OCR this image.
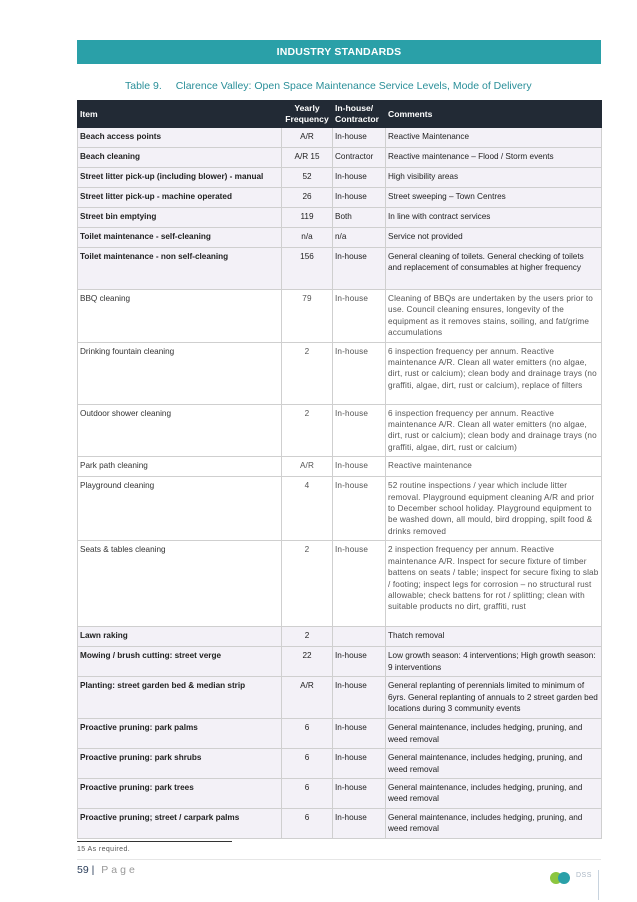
INDUSTRY STANDARDS
Table 9. Clarence Valley: Open Space Maintenance Service Levels, Mode of Delivery
Item	Yearly Frequency	In-house/ Contractor	Comments
Beach access points	A/R	In-house	Reactive Maintenance
Beach cleaning	A/R 15	Contractor	Reactive maintenance – Flood / Storm events
Street litter pick-up (including blower) - manual	52	In-house	High visibility areas
Street litter pick-up - machine operated	26	In-house	Street sweeping – Town Centres
Street bin emptying	119	Both	In line with contract services
Toilet maintenance - self-cleaning	n/a	n/a	Service not provided
Toilet maintenance - non self-cleaning	156	In-house	General cleaning of toilets. General checking of toilets and replacement of consumables at higher frequency
BBQ cleaning	79	In-house	Cleaning of BBQs are undertaken by the users prior to use. Council cleaning ensures, longevity of the equipment as it removes stains, soiling, and fat/grime accumulations
Drinking fountain cleaning	2	In-house	6 inspection frequency per annum. Reactive maintenance A/R. Clean all water emitters (no algae, dirt, rust or calcium); clean body and drainage trays (no graffiti, algae, dirt, rust or calcium), replace of filters
Outdoor shower cleaning	2	In-house	6 inspection frequency per annum. Reactive maintenance A/R. Clean all water emitters (no algae, dirt, rust or calcium); clean body and drainage trays (no graffiti, algae, dirt, rust or calcium)
Park path cleaning	A/R	In-house	Reactive maintenance
Playground cleaning	4	In-house	52 routine inspections / year which include litter removal. Playground equipment cleaning A/R and prior to December school holiday. Playground equipment to be washed down, all mould, bird dropping, spilt food & drinks removed
Seats & tables cleaning	2	In-house	2 inspection frequency per annum. Reactive maintenance A/R. Inspect for secure fixture of timber battens on seats / table; inspect for secure fixing to slab / footing; inspect legs for corrosion – no structural rust allowable; check battens for rot / splitting; clean with suitable products no dirt, graffiti, rust
Lawn raking	2		Thatch removal
Mowing / brush cutting: street verge	22	In-house	Low growth season: 4 interventions; High growth season: 9 interventions
Planting: street garden bed & median strip	A/R	In-house	General replanting of perennials limited to minimum of 6yrs. General replanting of annuals to 2 street garden bed locations during 3 community events
Proactive pruning: park palms	6	In-house	General maintenance, includes hedging, pruning, and weed removal
Proactive pruning: park shrubs	6	In-house	General maintenance, includes hedging, pruning, and weed removal
Proactive pruning: park trees	6	In-house	General maintenance, includes hedging, pruning, and weed removal
Proactive pruning; street / carpark palms	6	In-house	General maintenance, includes hedging, pruning, and weed removal
15 As required.
59 | Page	DSS
